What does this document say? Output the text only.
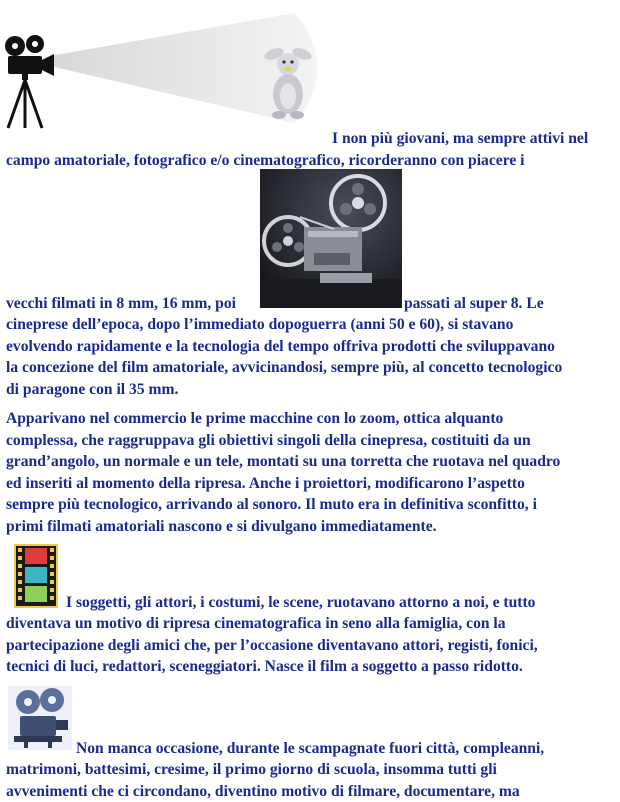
I non più giovani, ma sempre attivi nel
campo amatoriale, fotografico e/o cinematografico, ricorderanno con piacere i
vecchi filmati in 8 mm, 16 mm, poi	passati al super 8. Le
cineprese dell’epoca, dopo l’immediato dopoguerra (anni 50 e 60), si stavano
evolvendo rapidamente e la tecnologia del tempo offriva prodotti che sviluppavano
la concezione del film amatoriale, avvicinandosi, sempre più, al concetto tecnologico
di paragone con il 35 mm.
Apparivano nel commercio le prime macchine con lo zoom, ottica alquanto
complessa, che raggruppava gli obiettivi singoli della cinepresa, costituiti da un
grand’angolo, un normale e un tele, montati su una torretta che ruotava nel quadro
ed inseriti al momento della ripresa. Anche i proiettori, modificarono l’aspetto
sempre più tecnologico, arrivando al sonoro. Il muto era in definitiva sconfitto, i
primi filmati amatoriali nascono e si divulgano immediatamente.
I soggetti, gli attori, i costumi, le scene, ruotavano attorno a noi, e tutto
diventava un motivo di ripresa cinematografica in seno alla famiglia, con la
partecipazione degli amici che, per l’occasione diventavano attori, registi, fonici,
tecnici di luci, redattori, sceneggiatori. Nasce il film a soggetto a passo ridotto.
Non manca occasione, durante le scampagnate fuori città, compleanni,
matrimoni, battesimi, cresime, il primo giorno di scuola, insomma tutti gli
avvenimenti che ci circondano, diventino motivo di filmare, documentare, ma
